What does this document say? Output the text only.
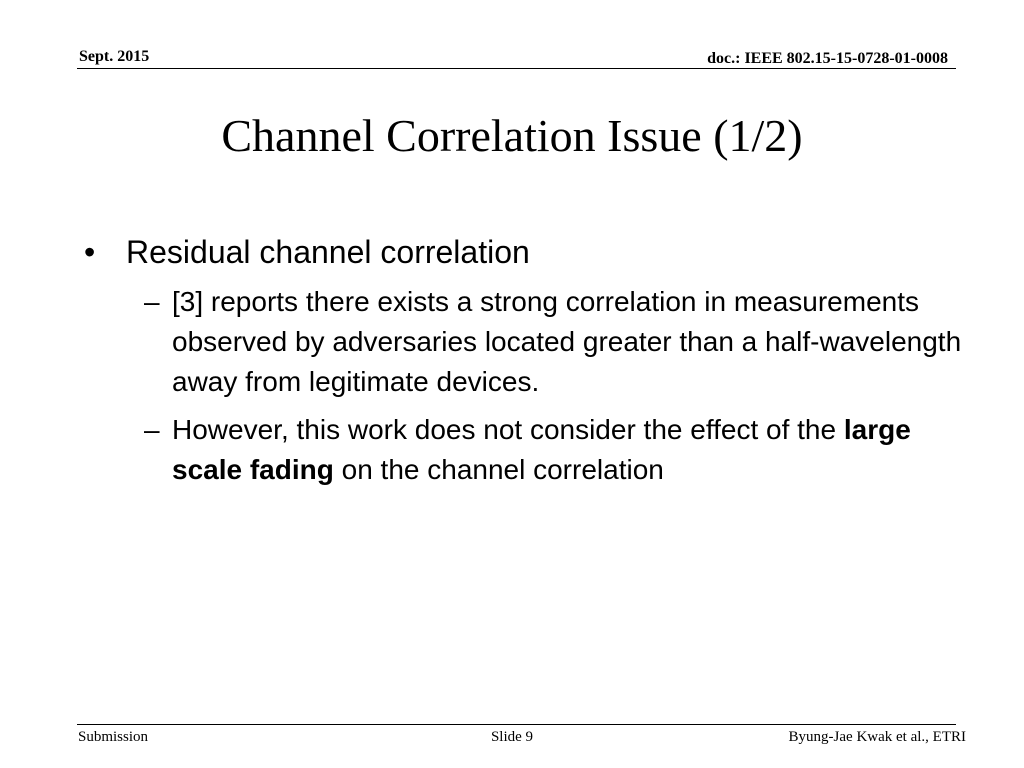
Sept. 2015	doc.: IEEE 802.15-15-0728-01-0008
Channel Correlation Issue (1/2)
• Residual channel correlation
– [3] reports there exists a strong correlation in measurements observed by adversaries located greater than a half-wavelength away from legitimate devices.
– However, this work does not consider the effect of the large scale fading on the channel correlation
Submission	Slide 9	Byung-Jae Kwak et al., ETRI
